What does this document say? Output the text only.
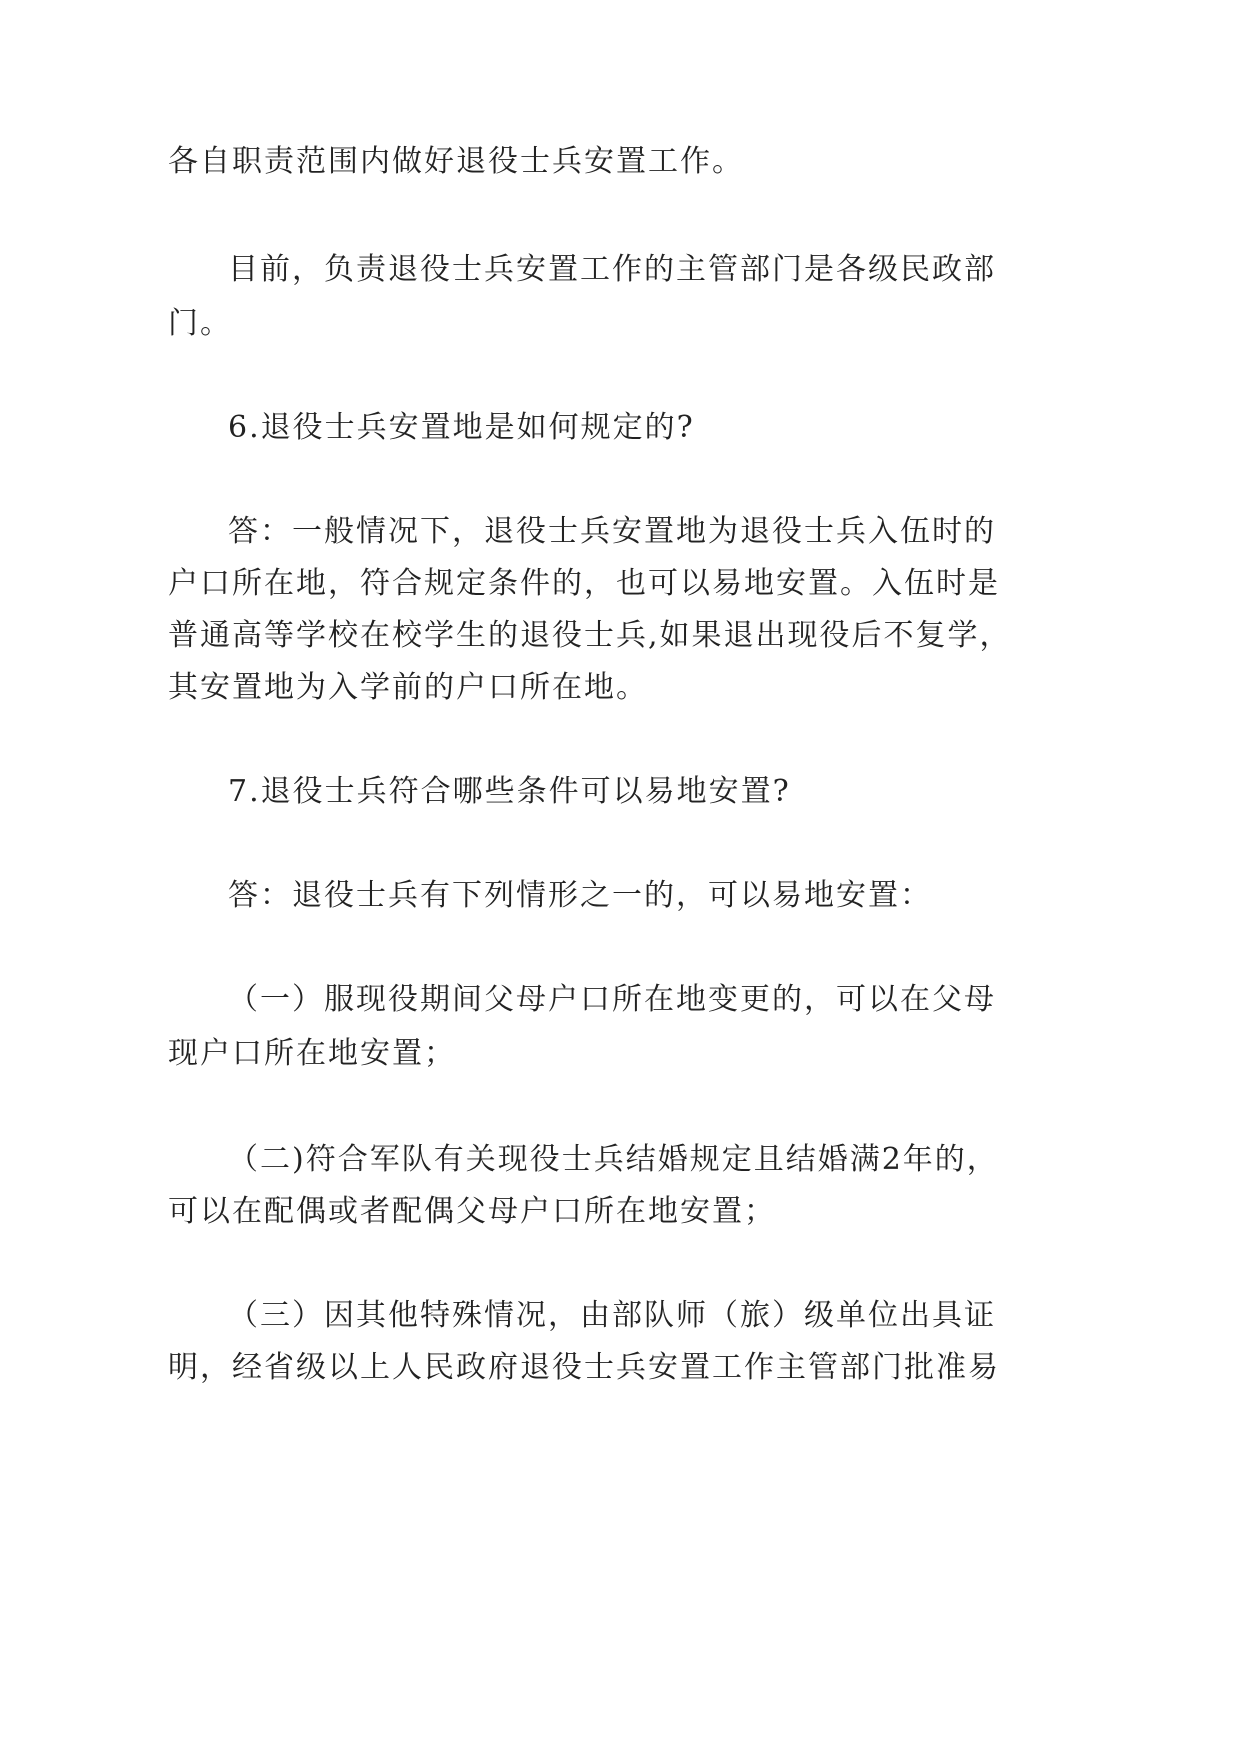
各自职责范围内做好退役士兵安置工作。
目前，负责退役士兵安置工作的主管部门是各级民政部
门。
6.退役士兵安置地是如何规定的?
答：一般情况下，退役士兵安置地为退役士兵入伍时的
户口所在地，符合规定条件的，也可以易地安置。入伍时是
普通高等学校在校学生的退役士兵,如果退出现役后不复学，
其安置地为入学前的户口所在地。
7.退役士兵符合哪些条件可以易地安置?
答：退役士兵有下列情形之一的，可以易地安置：
（一）服现役期间父母户口所在地变更的，可以在父母
现户口所在地安置；
（二)符合军队有关现役士兵结婚规定且结婚满2年的，
可以在配偶或者配偶父母户口所在地安置；
（三）因其他特殊情况，由部队师（旅）级单位出具证
明，经省级以上人民政府退役士兵安置工作主管部门批准易
